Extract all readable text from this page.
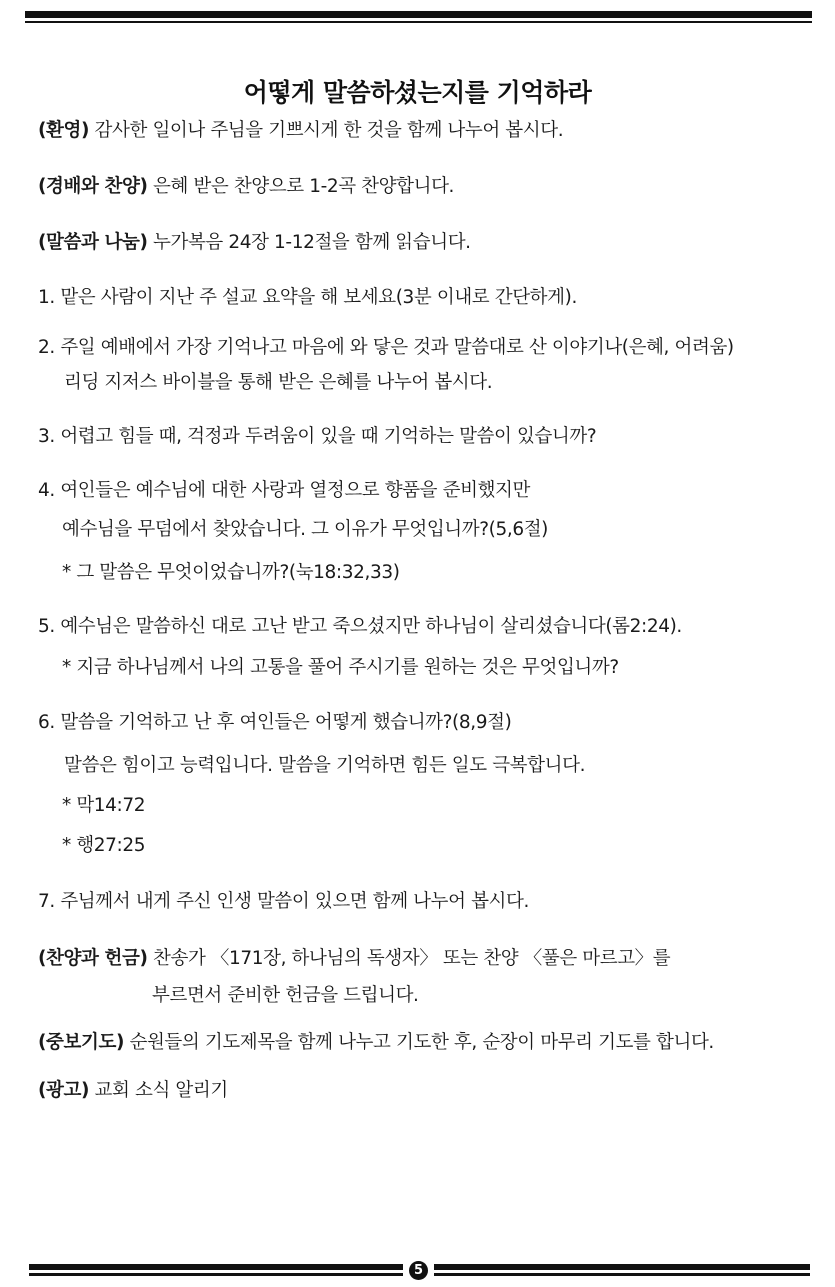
어떻게 말씀하셨는지를 기억하라
(환영) 감사한 일이나 주님을 기쁘시게 한 것을 함께 나누어 봅시다.
(경배와 찬양) 은혜 받은 찬양으로 1-2곡 찬양합니다.
(말씀과 나눔) 누가복음 24장 1-12절을 함께 읽습니다.
1. 맡은 사람이 지난 주 설교 요약을 해 보세요(3분 이내로 간단하게).
2. 주일 예배에서 가장 기억나고 마음에 와 닿은 것과 말씀대로 산 이야기나(은혜, 어려움)
리딩 지저스 바이블을 통해 받은 은혜를 나누어 봅시다.
3. 어렵고 힘들 때, 걱정과 두려움이 있을 때 기억하는 말씀이 있습니까?
4. 여인들은 예수님에 대한 사랑과 열정으로 향품을 준비했지만
예수님을 무덤에서 찾았습니다. 그 이유가 무엇입니까?(5,6절)
* 그 말씀은 무엇이었습니까?(눅18:32,33)
5. 예수님은 말씀하신 대로 고난 받고 죽으셨지만 하나님이 살리셨습니다(롬2:24).
* 지금 하나님께서 나의 고통을 풀어 주시기를 원하는 것은 무엇입니까?
6. 말씀을 기억하고 난 후 여인들은 어떻게 했습니까?(8,9절)
말씀은 힘이고 능력입니다. 말씀을 기억하면 힘든 일도 극복합니다.
* 막14:72
* 행27:25
7. 주님께서 내게 주신 인생 말씀이 있으면 함께 나누어 봅시다.
(찬양과 헌금) 찬송가 〈171장, 하나님의 독생자〉 또는 찬양 〈풀은 마르고〉를
부르면서 준비한 헌금을 드립니다.
(중보기도) 순원들의 기도제목을 함께 나누고 기도한 후, 순장이 마무리 기도를 합니다.
(광고) 교회 소식 알리기
5
